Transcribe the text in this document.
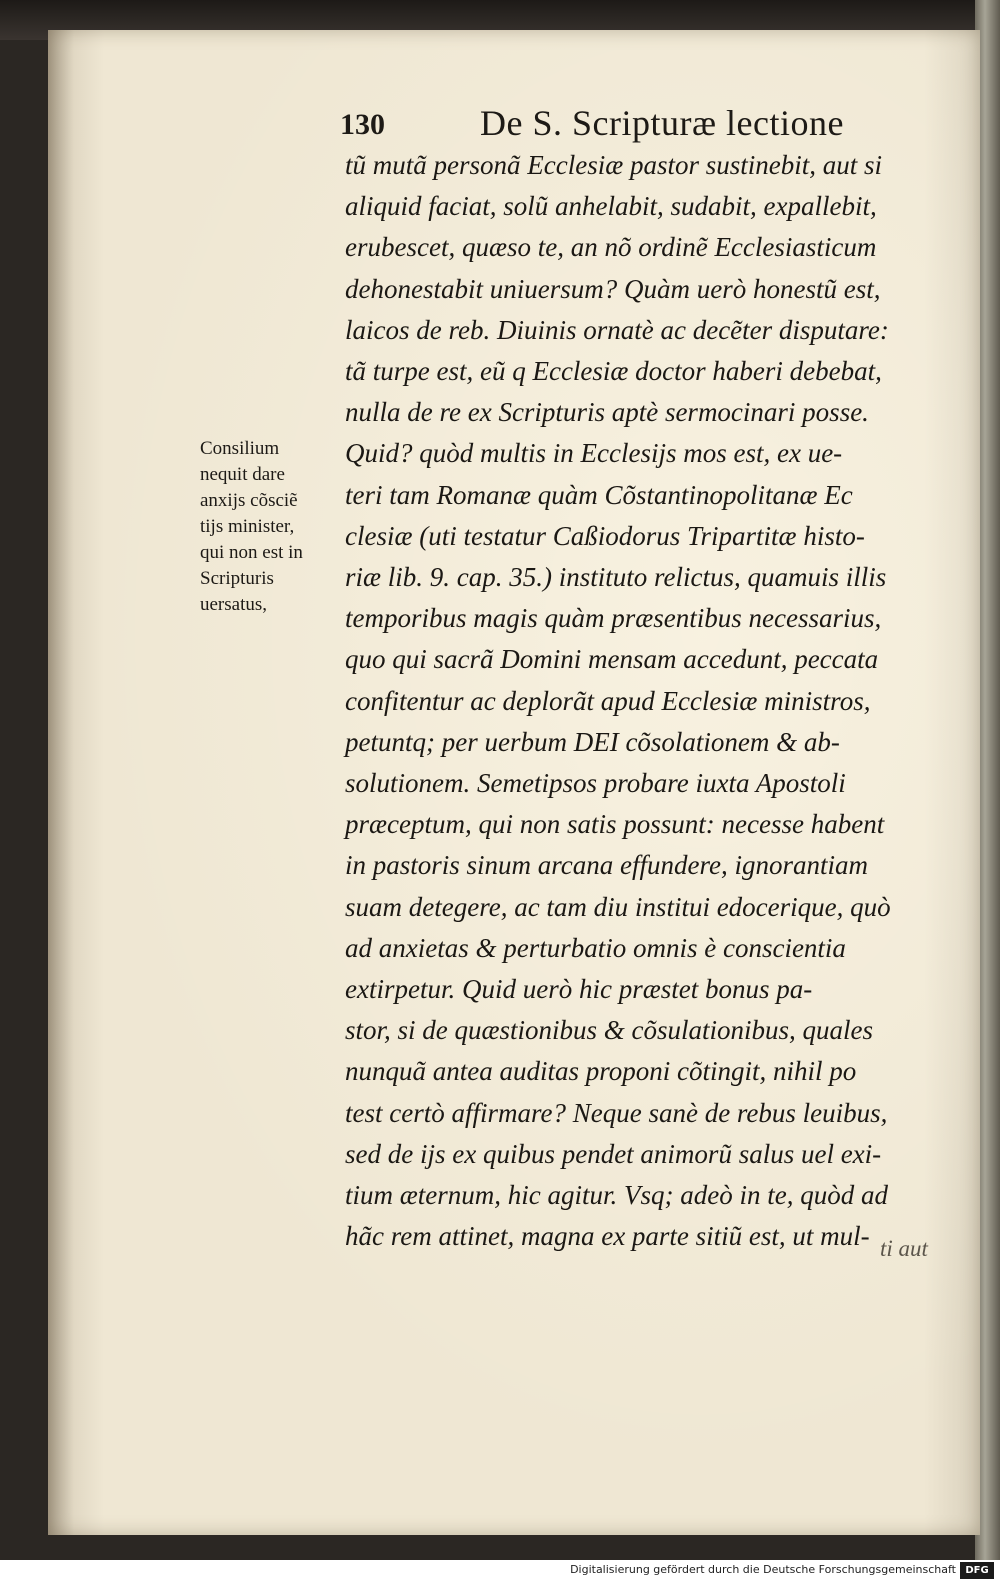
130	De S. Scripturæ lectione
Consilium
nequit dare
anxijs cõsciẽ
tijs minister,
qui non est in
Scripturis
uersatus,
tũ mutã personã Ecclesiæ pastor sustinebit, aut si
aliquid faciat, solũ anhelabit, sudabit, expallebit,
erubescet, quæso te, an nõ ordinẽ Ecclesiasticum
dehonestabit uniuersum? Quàm uerò honestũ est,
laicos de reb. Diuinis ornatè ac decẽter disputare:
tã turpe est, eũ q Ecclesiæ doctor haberi debebat,
nulla de re ex Scripturis aptè sermocinari posse.
Quid? quòd multis in Ecclesijs mos est, ex ue-
teri tam Romanæ quàm Cõstantinopolitanæ Ec
clesiæ (uti testatur Caßiodorus Tripartitæ histo-
riæ lib. 9. cap. 35.) instituto relictus, quamuis illis
temporibus magis quàm præsentibus necessarius,
quo qui sacrã Domini mensam accedunt, peccata
confitentur ac deplorãt apud Ecclesiæ ministros,
petuntq; per uerbum DEI cõsolationem & ab-
solutionem. Semetipsos probare iuxta Apostoli
præceptum, qui non satis possunt: necesse habent
in pastoris sinum arcana effundere, ignorantiam
suam detegere, ac tam diu institui edocerique, quò
ad anxietas & perturbatio omnis è conscientia
extirpetur. Quid uerò hic præstet bonus pa-
stor, si de quæstionibus & cõsulationibus, quales
nunquã antea auditas proponi cõtingit, nihil po
test certò affirmare? Neque sanè de rebus leuibus,
sed de ijs ex quibus pendet animorũ salus uel exi-
tium æternum, hic agitur. Vsq; adeò in te, quòd ad
hãc rem attinet, magna ex parte sitiũ est, ut mul- ti aut
Digitalisierung gefördert durch die Deutsche Forschungsgemeinschaft DFG
